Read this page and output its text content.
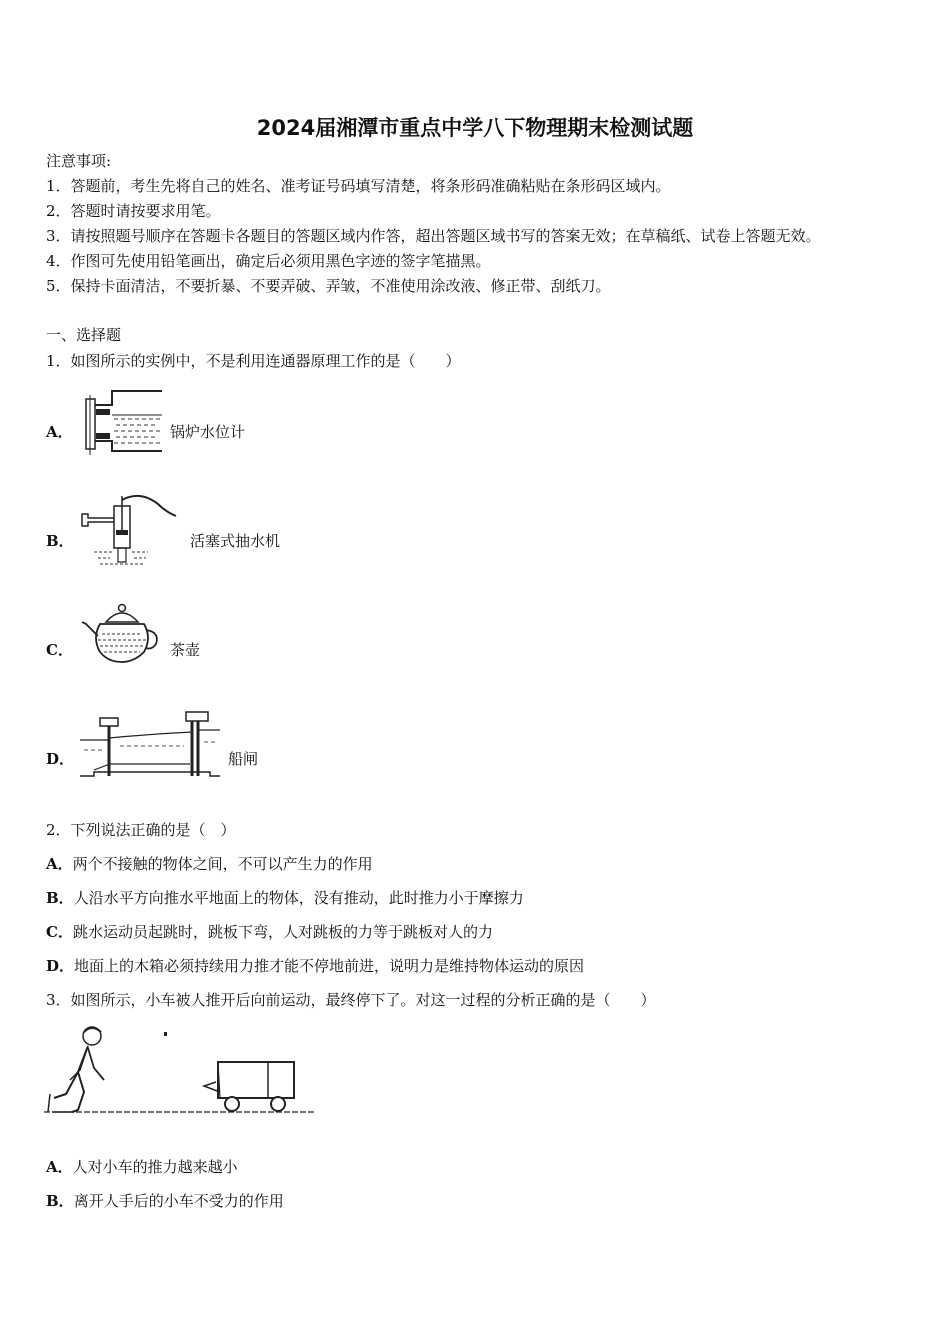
2024届湘潭市重点中学八下物理期末检测试题
注意事项:
1．答题前，考生先将自己的姓名、准考证号码填写清楚，将条形码准确粘贴在条形码区域内。
2．答题时请按要求用笔。
3．请按照题号顺序在答题卡各题目的答题区域内作答，超出答题区域书写的答案无效；在草稿纸、试卷上答题无效。
4．作图可先使用铅笔画出，确定后必须用黑色字迹的签字笔描黑。
5．保持卡面清洁，不要折暴、不要弄破、弄皱，不准使用涂改液、修正带、刮纸刀。
一、选择题
1．如图所示的实例中，不是利用连通器原理工作的是（　　）
A．	锅炉水位计
B．	活塞式抽水机
C．	茶壶
D．	船闸
2．下列说法正确的是（　）
A．两个不接触的物体之间，不可以产生力的作用
B．人沿水平方向推水平地面上的物体，没有推动，此时推力小于摩擦力
C．跳水运动员起跳时，跳板下弯，人对跳板的力等于跳板对人的力
D．地面上的木箱必须持续用力推才能不停地前进，说明力是维持物体运动的原因
3．如图所示，小车被人推开后向前运动，最终停下了。对这一过程的分析正确的是（　　）
A．人对小车的推力越来越小
B．离开人手后的小车不受力的作用
